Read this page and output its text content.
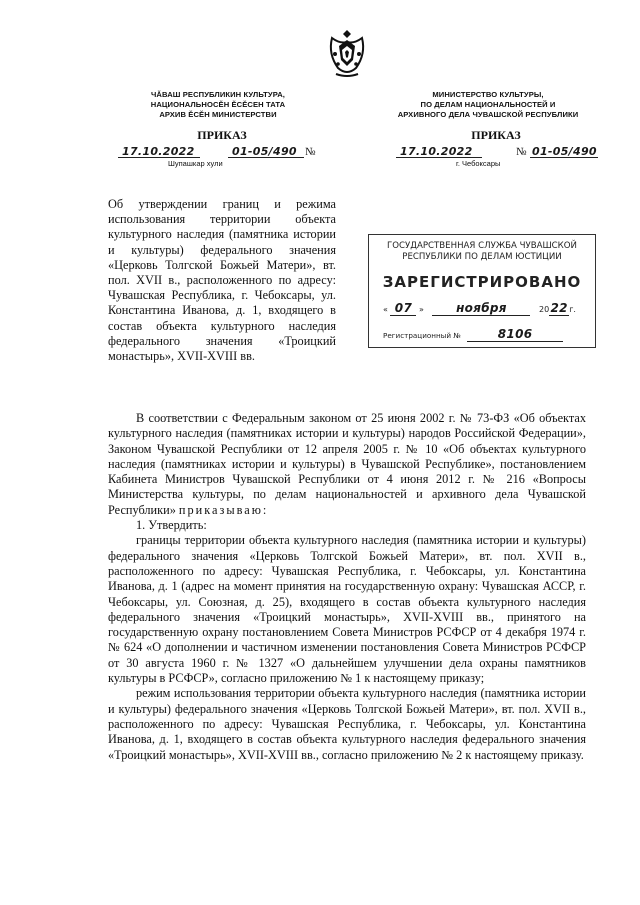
ЧĂВАШ РЕСПУБЛИКИН КУЛЬТУРА,
НАЦИОНАЛЬНОСĔН ĔСĔСЕН ТАТА
АРХИВ ĔСĔН МИНИСТЕРСТВИ
МИНИСТЕРСТВО КУЛЬТУРЫ,
ПО ДЕЛАМ НАЦИОНАЛЬНОСТЕЙ И
АРХИВНОГО ДЕЛА ЧУВАШСКОЙ РЕСПУБЛИКИ
ПРИКАЗ	ПРИКАЗ
17.10.2022	01-05/490 №
Шупашкар хули
17.10.2022	№ 01-05/490
г. Чебоксары
Об утверждении границ и режима использования территории объекта культурного наследия (памятника истории и культуры) федерального значения «Церковь Толгской Божьей Матери», вт. пол. XVII в., расположенного по адресу: Чувашская Республика, г. Чебоксары, ул. Константина Иванова, д. 1, входящего в состав объекта культурного наследия федерального значения «Троицкий монастырь», XVII-XVIII вв.
ГОСУДАРСТВЕННАЯ СЛУЖБА ЧУВАШСКОЙ
РЕСПУБЛИКИ ПО ДЕЛАМ ЮСТИЦИИ
ЗАРЕГИСТРИРОВАНО
« 07 »	ноября	2022г.
Регистрационный №	8106

В соответствии с Федеральным законом от 25 июня 2002 г. № 73-ФЗ «Об объектах культурного наследия (памятниках истории и культуры) народов Российской Федерации», Законом Чувашской Республики от 12 апреля 2005 г. № 10 «Об объектах культурного наследия (памятниках истории и культуры) в Чувашской Республике», постановлением Кабинета Министров Чувашской Республики от 4 июня 2012 г. № 216 «Вопросы Министерства культуры, по делам национальностей и архивного дела Чувашской Республики» приказываю:

1. Утвердить:

границы территории объекта культурного наследия (памятника истории и культуры) федерального значения «Церковь Толгской Божьей Матери», вт. пол. XVII в., расположенного по адресу: Чувашская Республика, г. Чебоксары, ул. Константина Иванова, д. 1 (адрес на момент принятия на государственную охрану: Чувашская АССР, г. Чебоксары, ул. Союзная, д. 25), входящего в состав объекта культурного наследия федерального значения «Троицкий монастырь», XVII-XVIII вв., принятого на государственную охрану постановлением Совета Министров РСФСР от 4 декабря 1974 г. № 624 «О дополнении и частичном изменении постановления Совета Министров РСФСР от 30 августа 1960 г. № 1327 «О дальнейшем улучшении дела охраны памятников культуры в РСФСР», согласно приложению № 1 к настоящему приказу;

режим использования территории объекта культурного наследия (памятника истории и культуры) федерального значения «Церковь Толгской Божьей Матери», вт. пол. XVII в., расположенного по адресу: Чувашская Республика, г. Чебоксары, ул. Константина Иванова, д. 1, входящего в состав объекта культурного наследия федерального значения «Троицкий монастырь», XVII-XVIII вв., согласно приложению № 2 к настоящему приказу.
